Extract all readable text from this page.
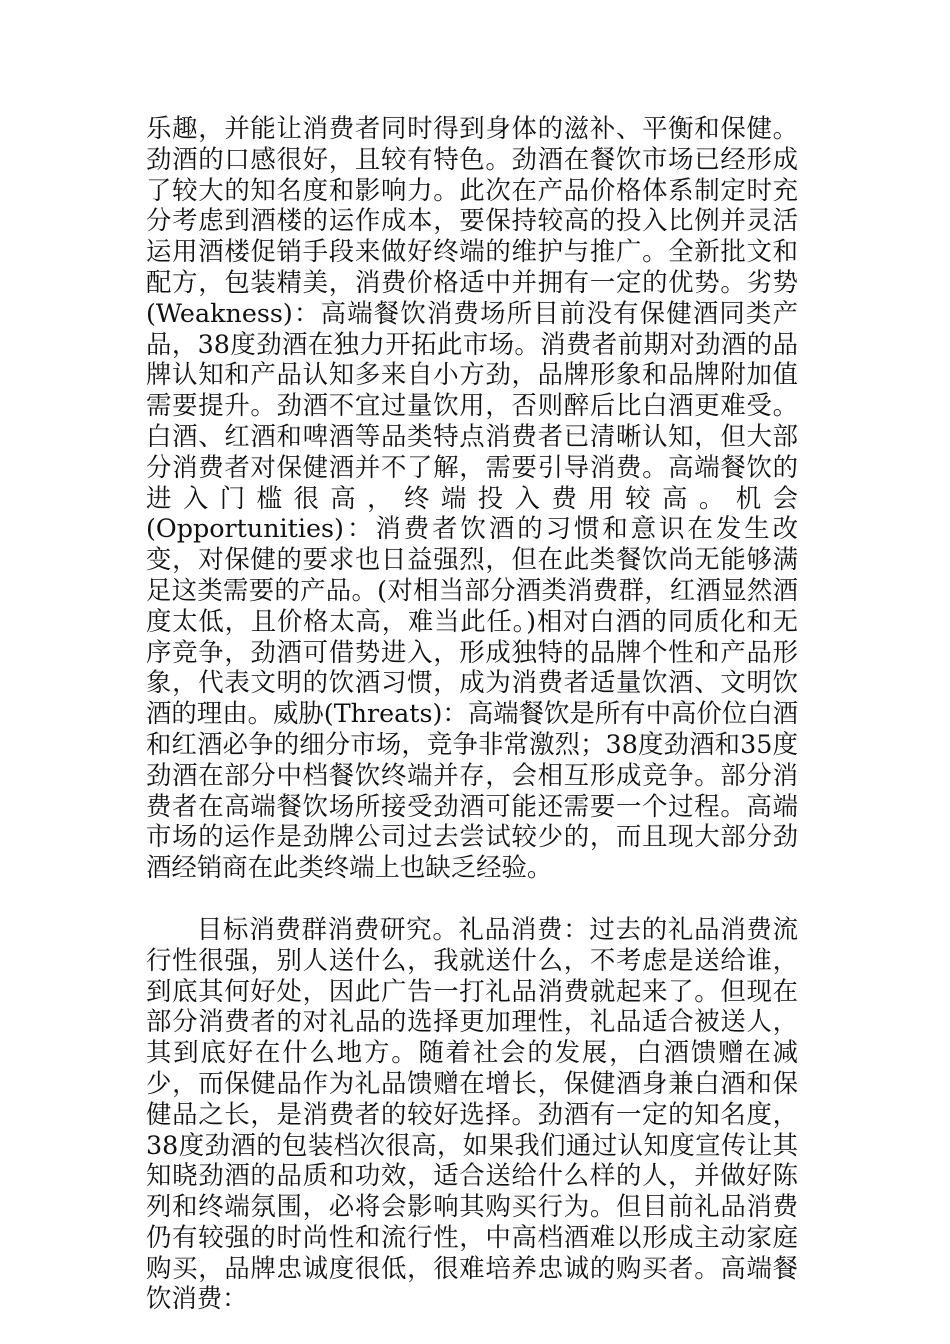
乐趣，并能让消费者同时得到身体的滋补、平衡和保健。劲酒的口感很好，且较有特色。劲酒在餐饮市场已经形成了较大的知名度和影响力。此次在产品价格体系制定时充分考虑到酒楼的运作成本，要保持较高的投入比例并灵活运用酒楼促销手段来做好终端的维护与推广。全新批文和配方，包装精美，消费价格适中并拥有一定的优势。劣势(Weakness)：高端餐饮消费场所目前没有保健酒同类产品，38度劲酒在独力开拓此市场。消费者前期对劲酒的品牌认知和产品认知多来自小方劲，品牌形象和品牌附加值需要提升。劲酒不宜过量饮用，否则醉后比白酒更难受。白酒、红酒和啤酒等品类特点消费者已清晰认知，但大部分消费者对保健酒并不了解，需要引导消费。高端餐饮的进入门槛很高，终端投入费用较高。机会(Opportunities)：消费者饮酒的习惯和意识在发生改变，对保健的要求也日益强烈，但在此类餐饮尚无能够满足这类需要的产品。(对相当部分酒类消费群，红酒显然酒度太低，且价格太高，难当此任。)相对白酒的同质化和无序竞争，劲酒可借势进入，形成独特的品牌个性和产品形象，代表文明的饮酒习惯，成为消费者适量饮酒、文明饮酒的理由。威胁(Threats)：高端餐饮是所有中高价位白酒和红酒必争的细分市场，竞争非常激烈；38度劲酒和35度劲酒在部分中档餐饮终端并存，会相互形成竞争。部分消费者在高端餐饮场所接受劲酒可能还需要一个过程。高端市场的运作是劲牌公司过去尝试较少的，而且现大部分劲酒经销商在此类终端上也缺乏经验。

目标消费群消费研究。礼品消费：过去的礼品消费流行性很强，别人送什么，我就送什么，不考虑是送给谁，到底其何好处，因此广告一打礼品消费就起来了。但现在部分消费者的对礼品的选择更加理性，礼品适合被送人，其到底好在什么地方。随着社会的发展，白酒馈赠在减少，而保健品作为礼品馈赠在增长，保健酒身兼白酒和保健品之长，是消费者的较好选择。劲酒有一定的知名度，38度劲酒的包装档次很高，如果我们通过认知度宣传让其知晓劲酒的品质和功效，适合送给什么样的人，并做好陈列和终端氛围，必将会影响其购买行为。但目前礼品消费仍有较强的时尚性和流行性，中高档酒难以形成主动家庭购买，品牌忠诚度很低，很难培养忠诚的购买者。高端餐饮消费：
